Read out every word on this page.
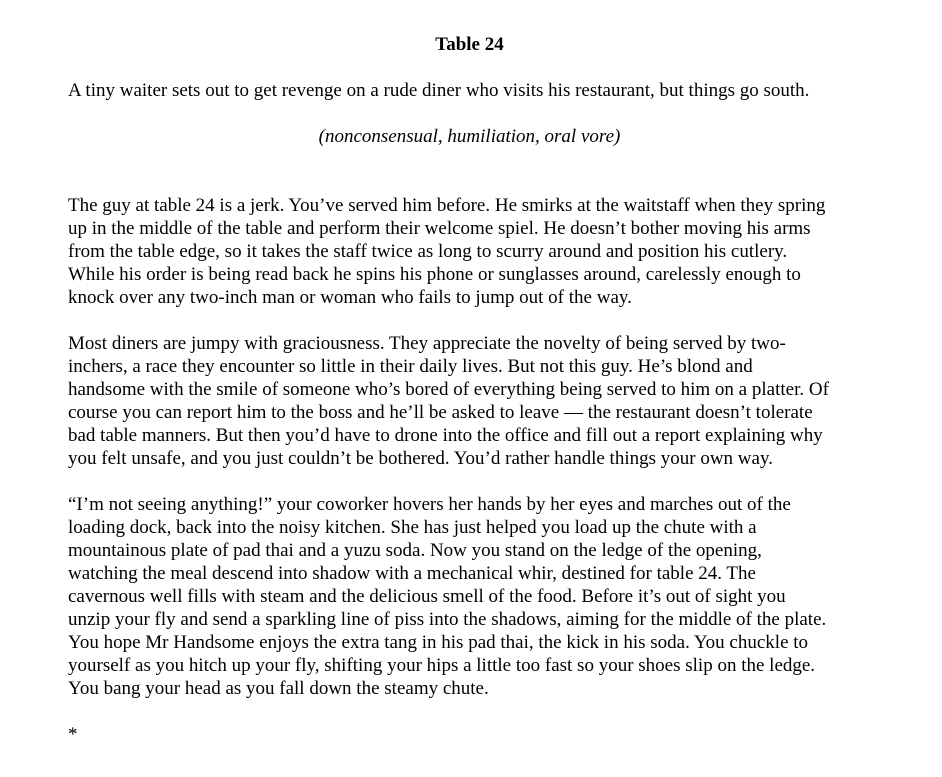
Table 24

A tiny waiter sets out to get revenge on a rude diner who visits his restaurant, but things go south.

(nonconsensual, humiliation, oral vore)

The guy at table 24 is a jerk. You’ve served him before. He smirks at the waitstaff when they spring
up in the middle of the table and perform their welcome spiel. He doesn’t bother moving his arms
from the table edge, so it takes the staff twice as long to scurry around and position his cutlery.
While his order is being read back he spins his phone or sunglasses around, carelessly enough to
knock over any two-inch man or woman who fails to jump out of the way.

Most diners are jumpy with graciousness. They appreciate the novelty of being served by two-
inchers, a race they encounter so little in their daily lives. But not this guy. He’s blond and
handsome with the smile of someone who’s bored of everything being served to him on a platter. Of
course you can report him to the boss and he’ll be asked to leave — the restaurant doesn’t tolerate
bad table manners. But then you’d have to drone into the office and fill out a report explaining why
you felt unsafe, and you just couldn’t be bothered. You’d rather handle things your own way.

“I’m not seeing anything!” your coworker hovers her hands by her eyes and marches out of the
loading dock, back into the noisy kitchen. She has just helped you load up the chute with a
mountainous plate of pad thai and a yuzu soda. Now you stand on the ledge of the opening,
watching the meal descend into shadow with a mechanical whir, destined for table 24. The
cavernous well fills with steam and the delicious smell of the food. Before it’s out of sight you
unzip your fly and send a sparkling line of piss into the shadows, aiming for the middle of the plate.
You hope Mr Handsome enjoys the extra tang in his pad thai, the kick in his soda. You chuckle to
yourself as you hitch up your fly, shifting your hips a little too fast so your shoes slip on the ledge.
You bang your head as you fall down the steamy chute.

*
